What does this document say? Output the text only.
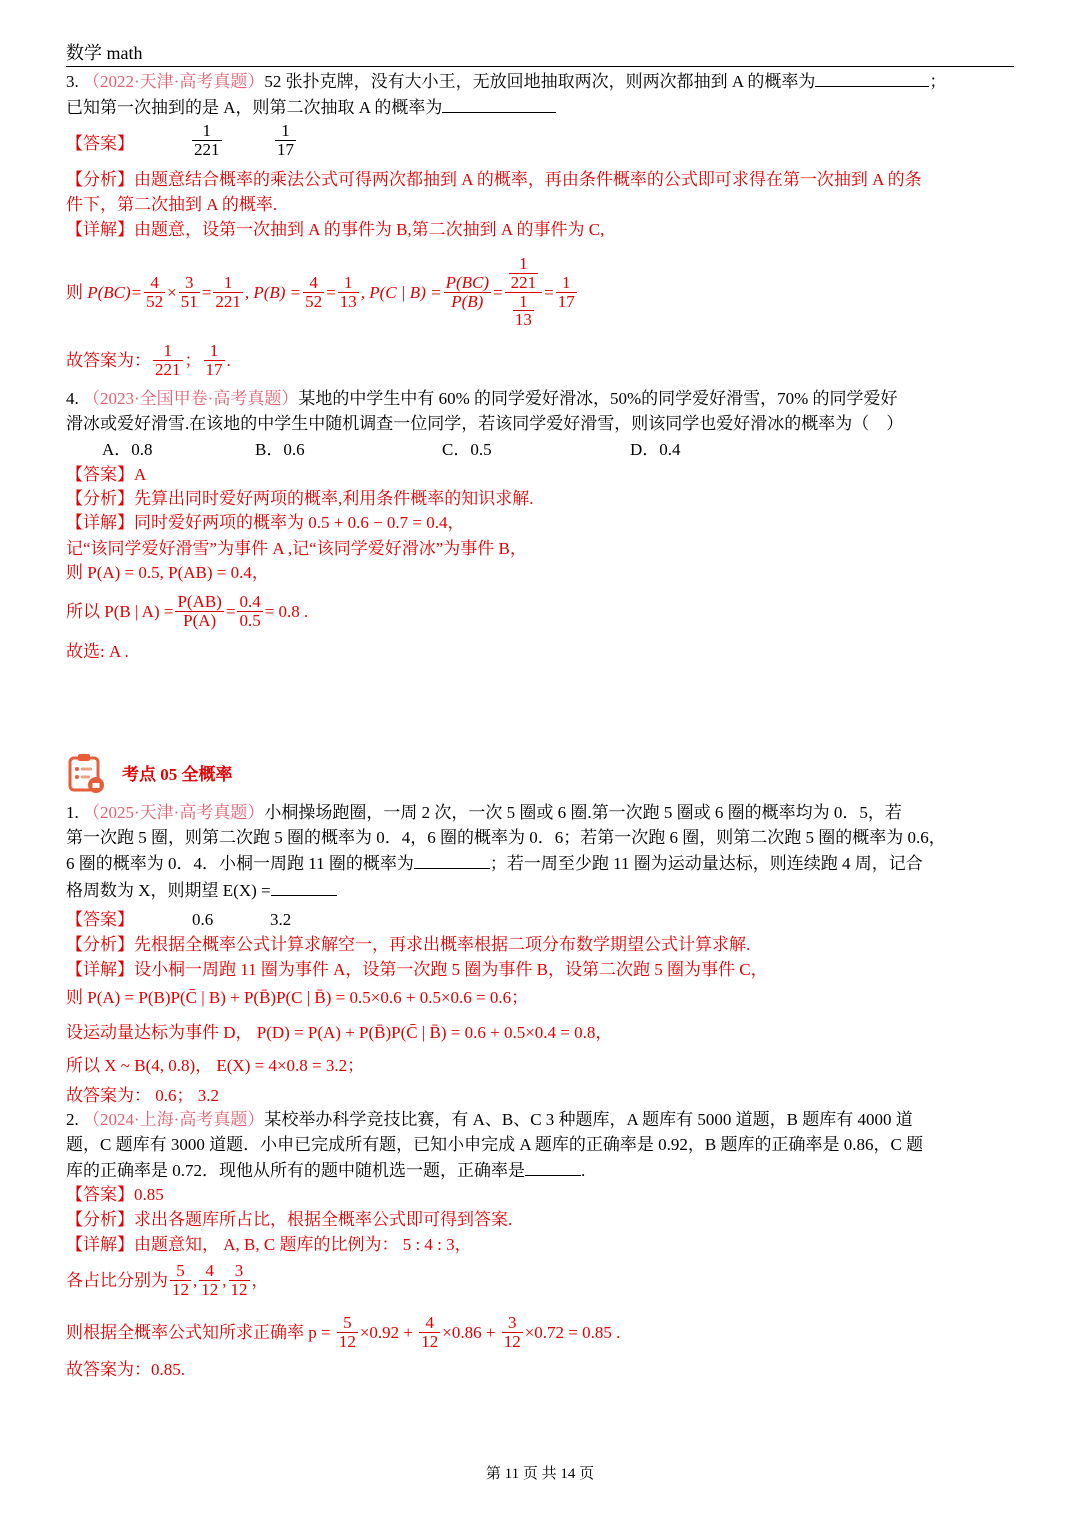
数学 math
3. （2022·天津·高考真题）52 张扑克牌，没有大小王，无放回地抽取两次，则两次都抽到 A 的概率为	；
已知第一次抽到的是 A，则第二次抽取 A 的概率为
【答案】	$\frac{1}{221}$	$\frac{1}{17}$
【分析】由题意结合概率的乘法公式可得两次都抽到 A 的概率，再由条件概率的公式即可求得在第一次抽到 A 的条
件下，第二次抽到 A 的概率.
【详解】由题意，设第一次抽到 A 的事件为 B,第二次抽到 A 的事件为 C,
则
$P(BC)= \frac{4}{52} \times \frac{3}{51} = \frac{1}{221}$ , $P(B) = \frac{4}{52} = \frac{1}{13}$ , P(C | $B) = \frac{P(BC)}{P(B)} = \frac{\frac{1}{221}}{\frac{1}{13}} = \frac{1}{17}$
故答案为： $\frac{1}{221}$ ； $\frac{1}{17}$ .
4. （2023·全国甲卷·高考真题）某地的中学生中有 60% 的同学爱好滑冰，50%的同学爱好滑雪，70% 的同学爱好
滑冰或爱好滑雪.在该地的中学生中随机调查一位同学，若该同学爱好滑雪，则该同学也爱好滑冰的概率为（　）
A．0.8	B．0.6	C．0.5	D．0.4
【答案】A
【分析】先算出同时爱好两项的概率,利用条件概率的知识求解.
【详解】同时爱好两项的概率为 0.5 + 0.6 − 0.7 = 0.4，
记“该同学爱好滑雪”为事件 A ,记“该同学爱好滑冰”为事件 B，
则 P(A) = 0.5, P(AB) = 0.4，
所以 P(B | $A) = \frac{P(AB)}{P(A)} = \frac{0.4}{0.5} = 0.8$ .
故选: A .
考点 05 全概率
1. （2025·天津·高考真题）小桐操场跑圈，一周 2 次，一次 5 圈或 6 圈.第一次跑 5 圈或 6 圈的概率均为 0．5，若
第一次跑 5 圈，则第二次跑 5 圈的概率为 0．4，6 圈的概率为 0．6；若第一次跑 6 圈，则第二次跑 5 圈的概率为 0.6，
6 圈的概率为 0．4．小桐一周跑 11 圈的概率为	；若一周至少跑 11 圈为运动量达标，则连续跑 4 周，记合
格周数为 X，则期望 E(X) =
【答案】	0.6	3.2
【分析】先根据全概率公式计算求解空一，再求出概率根据二项分布数学期望公式计算求解.
【详解】设小桐一周跑 11 圈为事件 A，设第一次跑 5 圈为事件 B，设第二次跑 5 圈为事件 C，
则 P(A) = P(B)P(C̄ | B) + P(B̄)P(C | B̄) = 0.5×0.6 + 0.5×0.6 = 0.6；
设运动量达标为事件 D， P(D) = P(A) + P(B̄)P(C̄ | B̄) = 0.6 + 0.5×0.4 = 0.8，
所以 X ~ B(4, 0.8)， E(X) = 4×0.8 = 3.2；
故答案为： 0.6； 3.2
2. （2024·上海·高考真题）某校举办科学竞技比赛，有 A、B、C 3 种题库，A 题库有 5000 道题，B 题库有 4000 道
题，C 题库有 3000 道题．小申已完成所有题，已知小申完成 A 题库的正确率是 0.92，B 题库的正确率是 0.86，C 题
库的正确率是 0.72．现他从所有的题中随机选一题，正确率是	.
【答案】0.85
【分析】求出各题库所占比，根据全概率公式即可得到答案.
【详解】由题意知， A, B, C 题库的比例为： 5 : 4 : 3，
各占比分别为 $\frac{5}{12}$ , $\frac{4}{12}$ , $\frac{3}{12}$ ，
则根据全概率公式知所求正确率 p =
$\frac{5}{12} \times 0.92$ +
$\frac{4}{12} \times 0.86$ +
$\frac{3}{12} \times 0.72 = 0.85$ .
故答案为：0.85.
第 11 页 共 14 页
